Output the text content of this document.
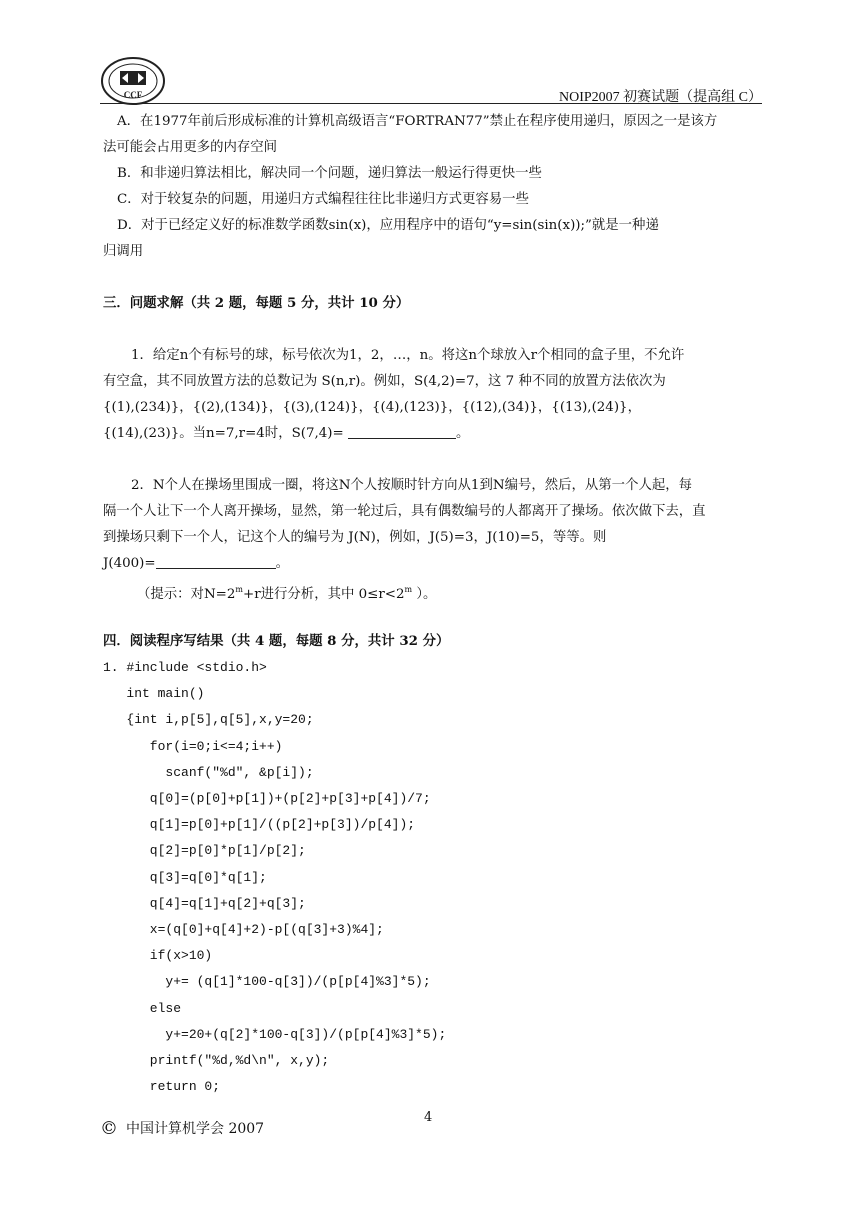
CCF	NOIP2007 初赛试题（提高组 C）
A．在1977年前后形成标准的计算机高级语言“FORTRAN77”禁止在程序使用递归，原因之一是该方
法可能会占用更多的内存空间
B．和非递归算法相比，解决同一个问题，递归算法一般运行得更快一些
C．对于较复杂的问题，用递归方式编程往往比非递归方式更容易一些
D．对于已经定义好的标准数学函数sin(x)，应用程序中的语句“y=sin(sin(x));”就是一种递
归调用
三．问题求解（共 2 题，每题 5 分，共计 10 分）
1．给定n个有标号的球，标号依次为1，2，…，n。将这n个球放入r个相同的盒子里，不允许
有空盒，其不同放置方法的总数记为 S(n,r)。例如，S(4,2)=7，这 7 种不同的放置方法依次为
{(1),(234)}，{(2),(134)}，{(3),(124)}，{(4),(123)}，{(12),(34)}，{(13),(24)}，
{(14),(23)}。当n=7,r=4时，S(7,4)=	。
2．N个人在操场里围成一圈，将这N个人按顺时针方向从1到N编号，然后，从第一个人起，每
隔一个人让下一个人离开操场，显然，第一轮过后，具有偶数编号的人都离开了操场。依次做下去，直
到操场只剩下一个人，记这个人的编号为 J(N)，例如，J(5)=3，J(10)=5，等等。则
J(400)=	。
（提示：对$N=2^m+r$进行分析，其中 $0\le r<2^m$ ）。
四．阅读程序写结果（共 4 题，每题 8 分，共计 32 分）
1. #include <stdio.h>
int main()
{int i,p[5],q[5],x,y=20;
for(i=0;i<=4;i++)
scanf("%d", &p[i]);
q[0]=(p[0]+p[1])+(p[2]+p[3]+p[4])/7;
q[1]=p[0]+p[1]/((p[2]+p[3])/p[4]);
q[2]=p[0]*p[1]/p[2];
q[3]=q[0]*q[1];
q[4]=q[1]+q[2]+q[3];
x=(q[0]+q[4]+2)-p[(q[3]+3)%4];
if(x>10)
y+= (q[1]*100-q[3])/(p[p[4]%3]*5);
else
y+=20+(q[2]*100-q[3])/(p[p[4]%3]*5);
printf("%d,%d\n", x,y);
return 0;
4
© 中国计算机学会 2007
